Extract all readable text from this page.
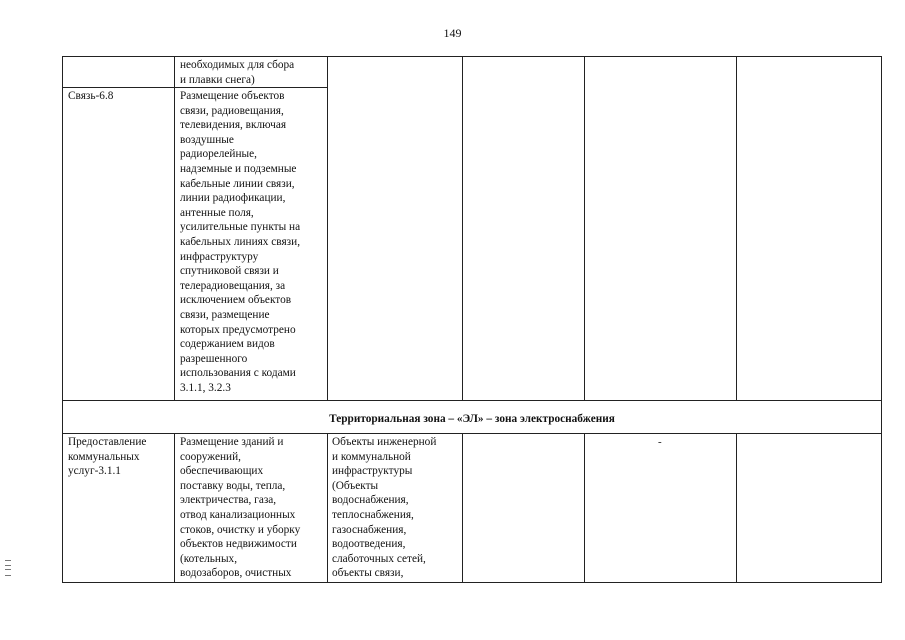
149
необходимых для сбора
и плавки снега)
Связь-6.8	Размещение объектов
связи, радиовещания,
телевидения, включая
воздушные
радиорелейные,
надземные и подземные
кабельные линии связи,
линии радиофикации,
антенные поля,
усилительные пункты на
кабельных линиях связи,
инфраструктуру
спутниковой связи и
телерадиовещания, за
исключением объектов
связи, размещение
которых предусмотрено
содержанием видов
разрешенного
использования с кодами
3.1.1, 3.2.3
Территориальная зона – «ЭЛ» – зона электроснабжения
Предоставление
коммунальных
услуг-3.1.1
Размещение зданий и
сооружений,
обеспечивающих
поставку воды, тепла,
электричества, газа,
отвод канализационных
стоков, очистку и уборку
объектов недвижимости
(котельных,
водозаборов, очистных
Объекты инженерной
и коммунальной
инфраструктуры
(Объекты
водоснабжения,
теплоснабжения,
газоснабжения,
водоотведения,
слаботочных сетей,
объекты связи,
-
